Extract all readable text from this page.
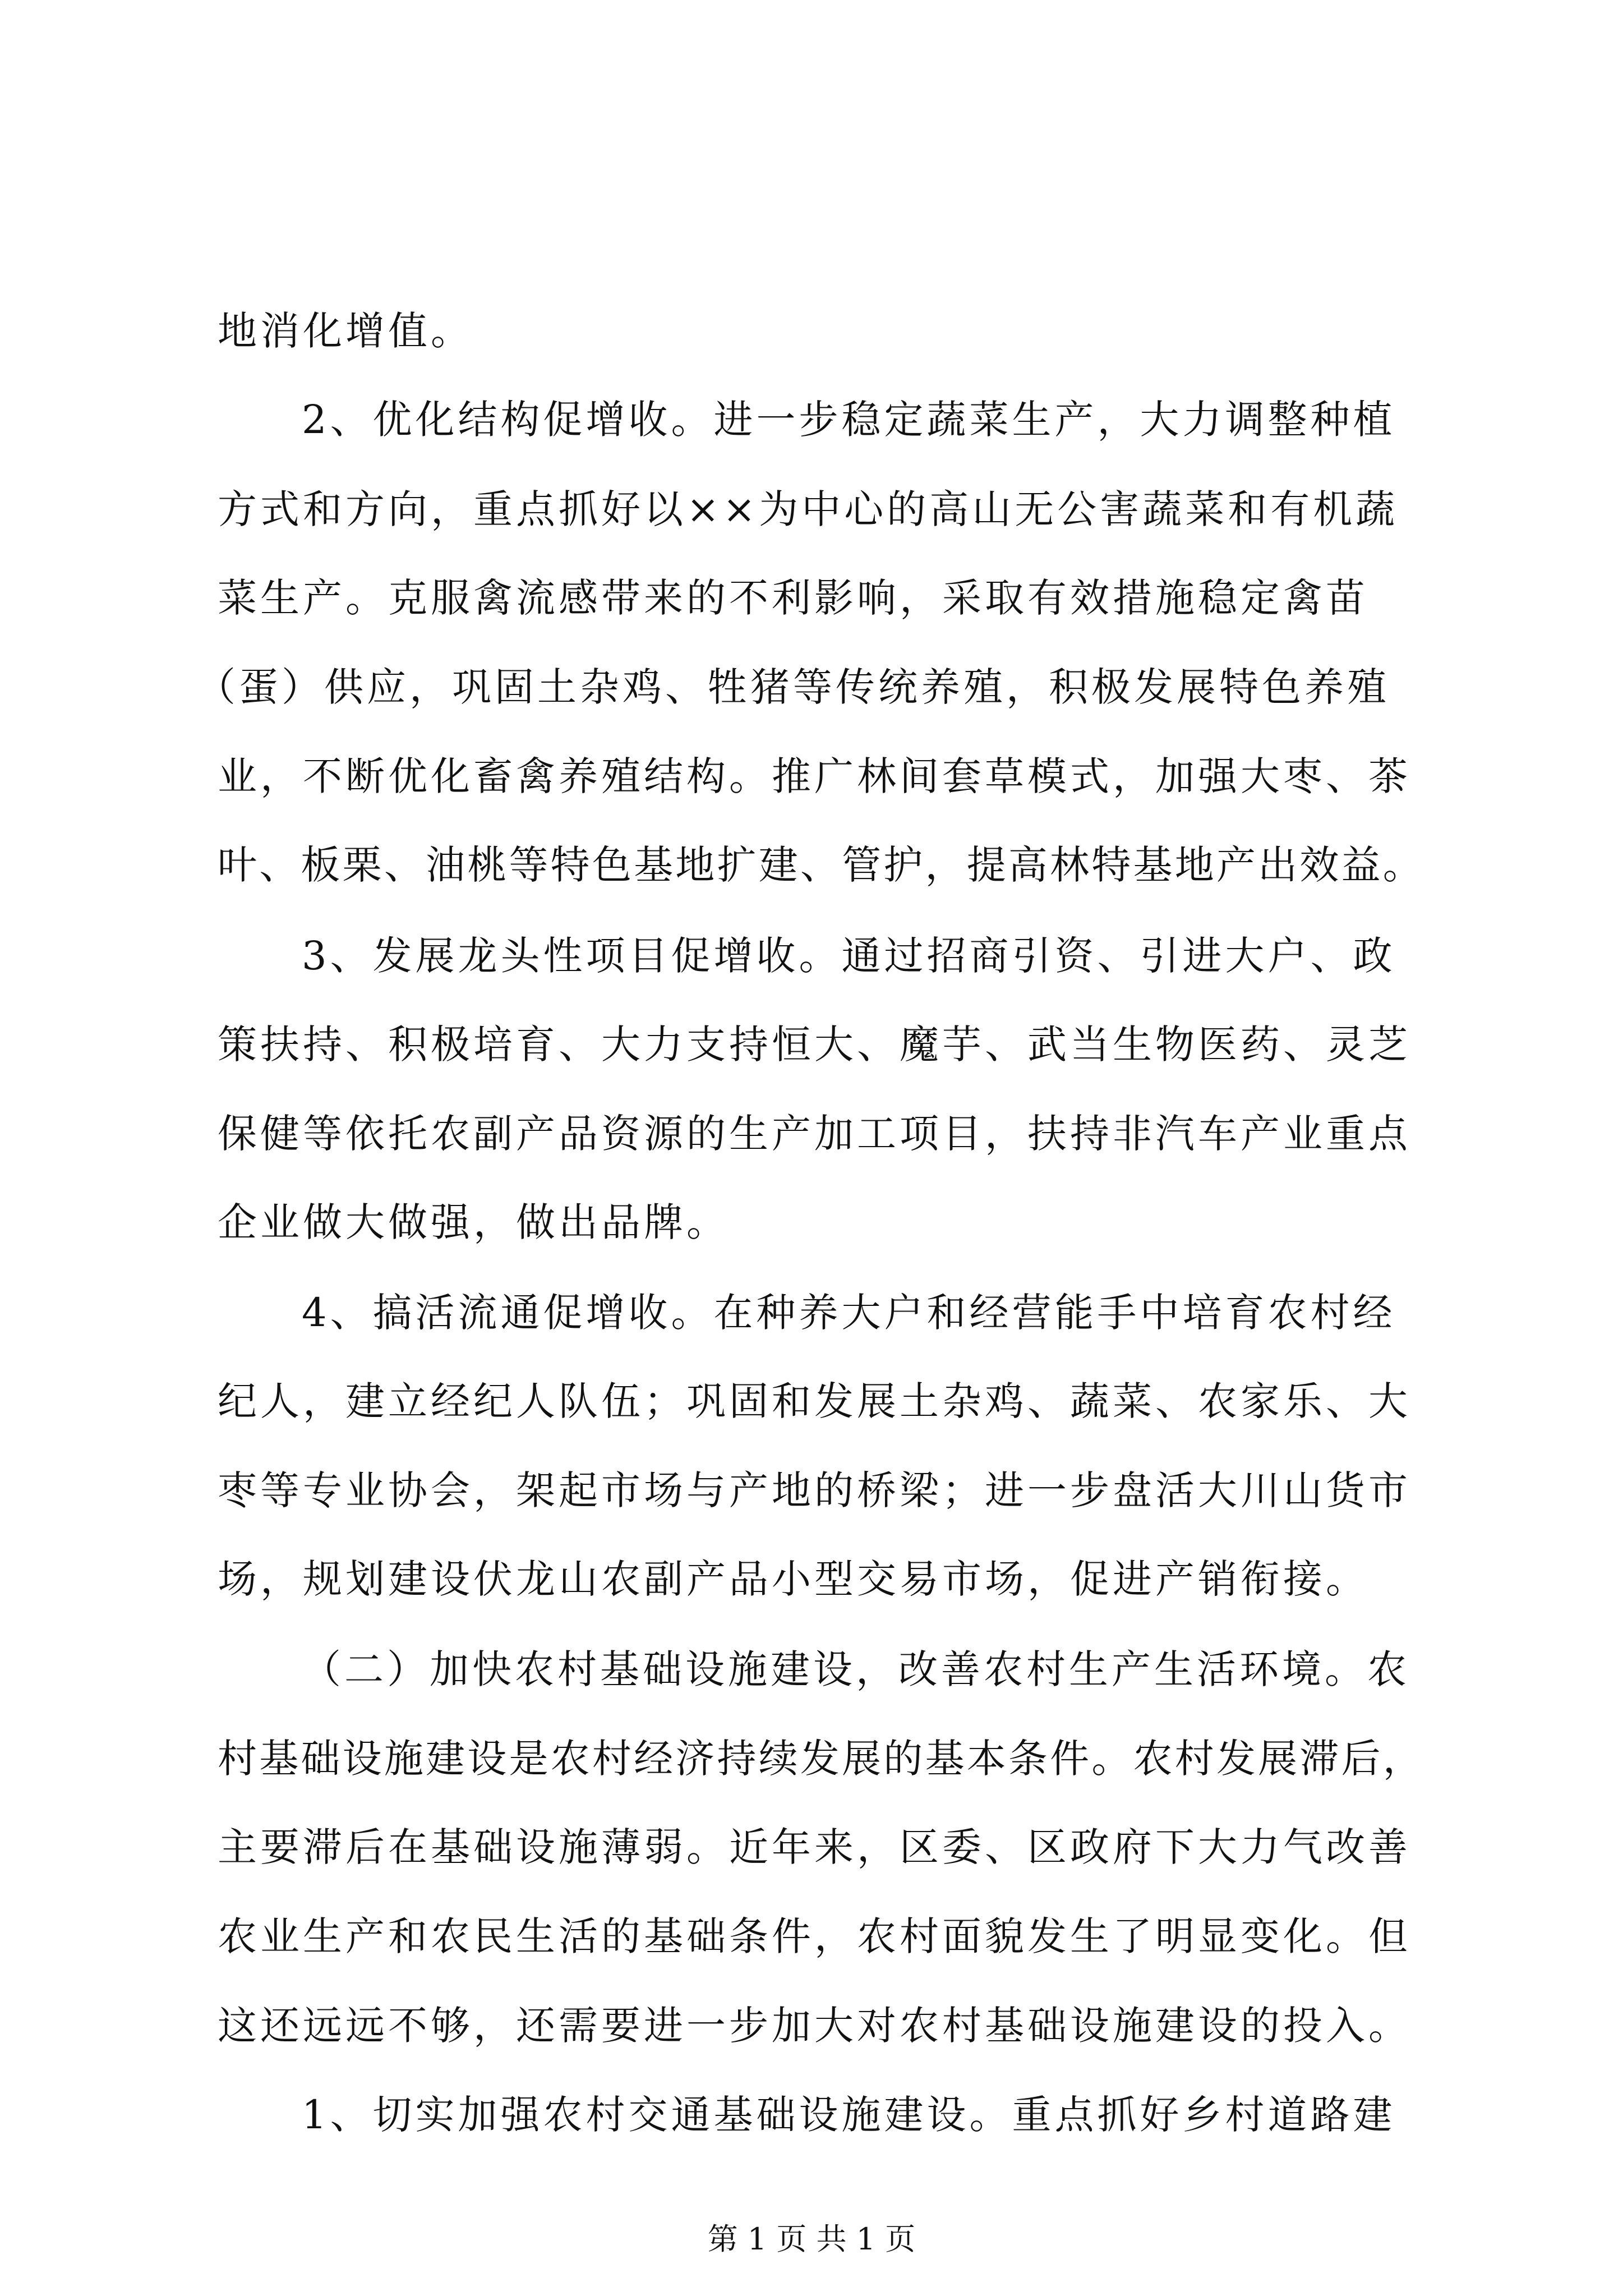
地消化增值。
2、优化结构促增收。进一步稳定蔬菜生产，大力调整种植
方式和方向，重点抓好以××为中心的高山无公害蔬菜和有机蔬
菜生产。克服禽流感带来的不利影响，采取有效措施稳定禽苗
（蛋）供应，巩固土杂鸡、牲猪等传统养殖，积极发展特色养殖
业，不断优化畜禽养殖结构。推广林间套草模式，加强大枣、茶
叶、板栗、油桃等特色基地扩建、管护，提高林特基地产出效益。
3、发展龙头性项目促增收。通过招商引资、引进大户、政
策扶持、积极培育、大力支持恒大、魔芋、武当生物医药、灵芝
保健等依托农副产品资源的生产加工项目，扶持非汽车产业重点
企业做大做强，做出品牌。
4、搞活流通促增收。在种养大户和经营能手中培育农村经
纪人，建立经纪人队伍；巩固和发展土杂鸡、蔬菜、农家乐、大
枣等专业协会，架起市场与产地的桥梁；进一步盘活大川山货市
场，规划建设伏龙山农副产品小型交易市场，促进产销衔接。
（二）加快农村基础设施建设，改善农村生产生活环境。农
村基础设施建设是农村经济持续发展的基本条件。农村发展滞后，
主要滞后在基础设施薄弱。近年来，区委、区政府下大力气改善
农业生产和农民生活的基础条件，农村面貌发生了明显变化。但
这还远远不够，还需要进一步加大对农村基础设施建设的投入。
1、切实加强农村交通基础设施建设。重点抓好乡村道路建
第 1 页 共 1 页
